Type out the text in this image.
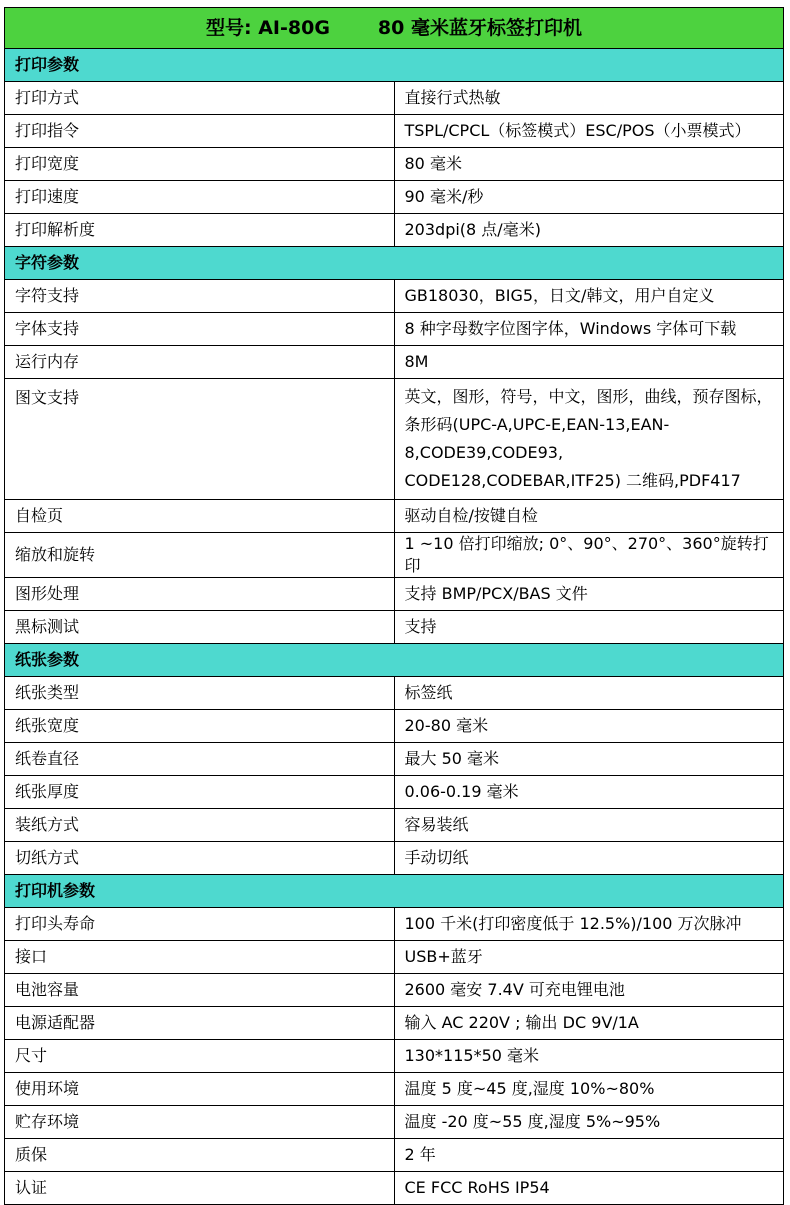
型号: AI-80G 80 毫米蓝牙标签打印机	
打印参数	
打印方式	直接行式热敏
打印指令	TSPL/CPCL（标签模式）ESC/POS（小票模式）
打印宽度	80 毫米
打印速度	90 毫米/秒
打印解析度	203dpi(8 点/毫米)
字符参数	
字符支持	GB18030，BIG5，日文/韩文，用户自定义
字体支持	8 种字母数字位图字体，Windows 字体可下载
运行内存	8M
图文支持	英文，图形，符号，中文，图形，曲线，预存图标，
条形码(UPC-A,UPC-E,EAN-13,EAN-8,CODE39,CODE93,
CODE128,CODEBAR,ITF25) 二维码,PDF417

自检页	驱动自检/按键自检
缩放和旋转	1 ~10 倍打印缩放; 0°、90°、270°、360°旋转打印
图形处理	支持 BMP/PCX/BAS 文件
黑标测试	支持
纸张参数	
纸张类型	标签纸
纸张宽度	20-80 毫米
纸卷直径	最大 50 毫米
纸张厚度	0.06-0.19 毫米
装纸方式	容易装纸
切纸方式	手动切纸
打印机参数	
打印头寿命	100 千米(打印密度低于 12.5%)/100 万次脉冲
接口	USB+蓝牙
电池容量	2600 毫安 7.4V 可充电锂电池
电源适配器	输入 AC 220V ; 输出 DC 9V/1A
尺寸	130*115*50 毫米
使用环境	温度 5 度~45 度,湿度 10%~80%
贮存环境	温度 -20 度~55 度,湿度 5%~95%
质保	2 年
认证	CE FCC RoHS IP54
